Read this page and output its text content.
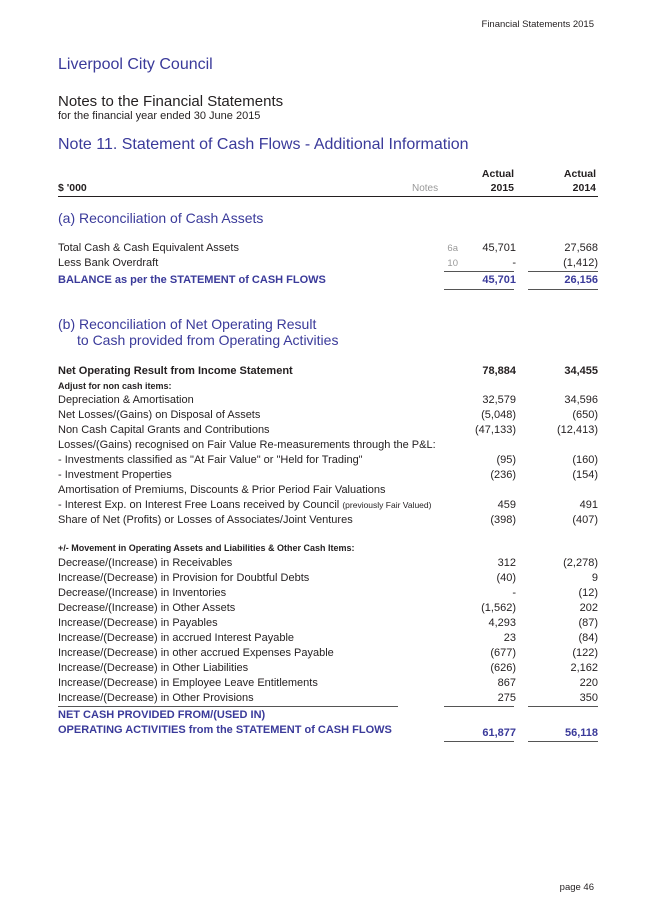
Financial Statements 2015
Liverpool City Council
Notes to the Financial Statements
for the financial year ended 30 June 2015
Note 11. Statement of Cash Flows - Additional Information
Actual	Actual
$ '000	Notes	2015	2014
(a) Reconciliation of Cash Assets
Total Cash & Cash Equivalent Assets	6a 45,701	27,568
Less Bank Overdraft	10	-	(1,412)
BALANCE as per the STATEMENT of CASH FLOWS	45,701	26,156
(b) Reconciliation of Net Operating Result
to Cash provided from Operating Activities
Net Operating Result from Income Statement	78,884	34,455
Adjust for non cash items:
Depreciation & Amortisation	32,579	34,596
Net Losses/(Gains) on Disposal of Assets	(5,048)	(650)
Non Cash Capital Grants and Contributions	(47,133)	(12,413)
Losses/(Gains) recognised on Fair Value Re-measurements through the P&L:
- Investments classified as "At Fair Value" or "Held for Trading"	(95)	(160)
- Investment Properties	(236)	(154)
Amortisation of Premiums, Discounts & Prior Period Fair Valuations
- Interest Exp. on Interest Free Loans received by Council (previously Fair Valued)	459	491
Share of Net (Profits) or Losses of Associates/Joint Ventures	(398)	(407)
+/- Movement in Operating Assets and Liabilities & Other Cash Items:
Decrease/(Increase) in Receivables	312	(2,278)
Increase/(Decrease) in Provision for Doubtful Debts	(40)	9
Decrease/(Increase) in Inventories	-	(12)
Decrease/(Increase) in Other Assets	(1,562)	202
Increase/(Decrease) in Payables	4,293	(87)
Increase/(Decrease) in accrued Interest Payable	23	(84)
Increase/(Decrease) in other accrued Expenses Payable	(677)	(122)
Increase/(Decrease) in Other Liabilities	(626)	2,162
Increase/(Decrease) in Employee Leave Entitlements	867	220
Increase/(Decrease) in Other Provisions	275	350
NET CASH PROVIDED FROM/(USED IN)
OPERATING ACTIVITIES from the STATEMENT of CASH FLOWS	61,877	56,118
page 46
